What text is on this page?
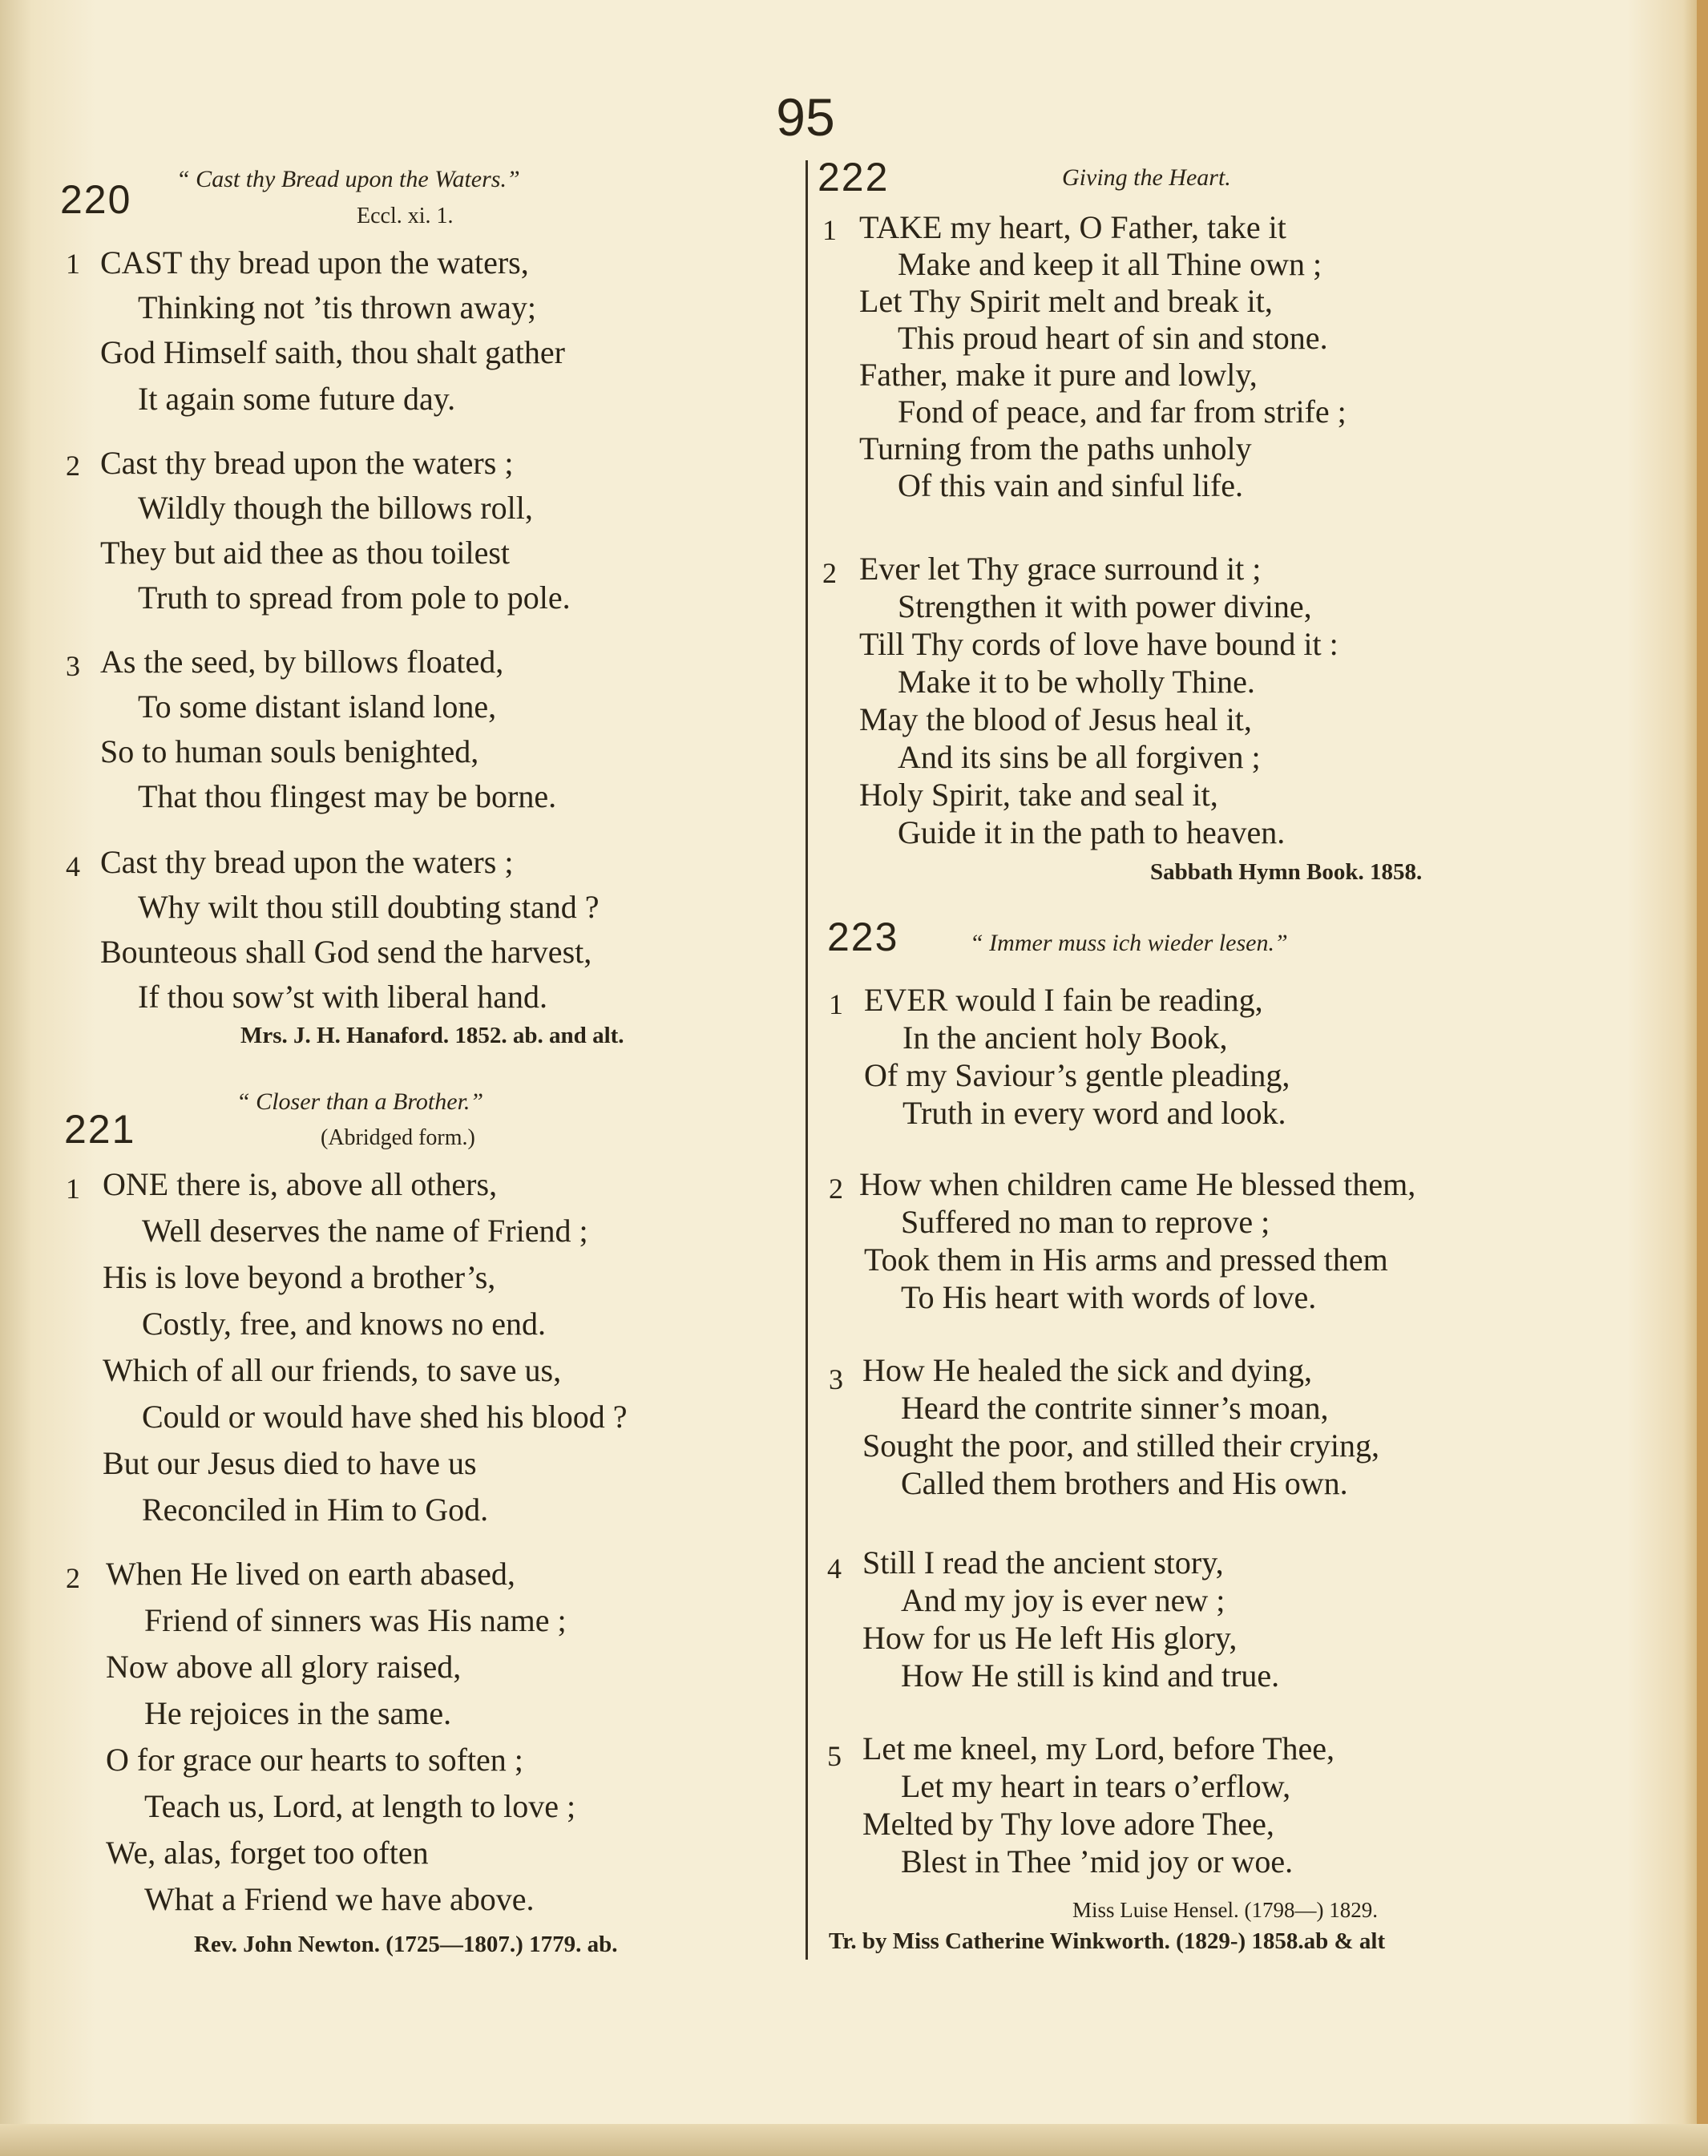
95
220 “ Cast thy Bread upon the Waters.”
Eccl. xi. 1.
1 CAST thy bread upon the waters,
Thinking not ’tis thrown away;
God Himself saith, thou shalt gather
It again some future day.
2 Cast thy bread upon the waters ;
Wildly though the billows roll,
They but aid thee as thou toilest
Truth to spread from pole to pole.
3 As the seed, by billows floated,
To some distant island lone,
So to human souls benighted,
That thou flingest may be borne.
4 Cast thy bread upon the waters ;
Why wilt thou still doubting stand ?
Bounteous shall God send the harvest,
If thou sow’st with liberal hand.
Mrs. J. H. Hanaford. 1852. ab. and alt.
221
“ Closer than a Brother.”
(Abridged form.)
1 ONE there is, above all others,
Well deserves the name of Friend ;
His is love beyond a brother’s,
Costly, free, and knows no end.
Which of all our friends, to save us,
Could or would have shed his blood ?
But our Jesus died to have us
Reconciled in Him to God.
2 When He lived on earth abased,
Friend of sinners was His name ;
Now above all glory raised,
He rejoices in the same.
O for grace our hearts to soften ;
Teach us, Lord, at length to love ;
We, alas, forget too often
What a Friend we have above.
Rev. John Newton. (1725—1807.) 1779. ab.
222	Giving the Heart.
1 TAKE my heart, O Father, take it
Make and keep it all Thine own ;
Let Thy Spirit melt and break it,
This proud heart of sin and stone.
Father, make it pure and lowly,
Fond of peace, and far from strife ;
Turning from the paths unholy
Of this vain and sinful life.
2 Ever let Thy grace surround it ;
Strengthen it with power divine,
Till Thy cords of love have bound it :
Make it to be wholly Thine.
May the blood of Jesus heal it,
And its sins be all forgiven ;
Holy Spirit, take and seal it,
Guide it in the path to heaven.
Sabbath Hymn Book. 1858.
223	“ Immer muss ich wieder lesen.”
1 EVER would I fain be reading,
In the ancient holy Book,
Of my Saviour’s gentle pleading,
Truth in every word and look.
2 How when children came He blessed them,
Suffered no man to reprove ;
Took them in His arms and pressed them
To His heart with words of love.
3 How He healed the sick and dying,
Heard the contrite sinner’s moan,
Sought the poor, and stilled their crying,
Called them brothers and His own.
4 Still I read the ancient story,
And my joy is ever new ;
How for us He left His glory,
How He still is kind and true.
5 Let me kneel, my Lord, before Thee,
Let my heart in tears o’erflow,
Melted by Thy love adore Thee,
Blest in Thee ’mid joy or woe.
Miss Luise Hensel. (1798—) 1829.
Tr. by Miss Catherine Winkworth. (1829-) 1858.ab & alt
